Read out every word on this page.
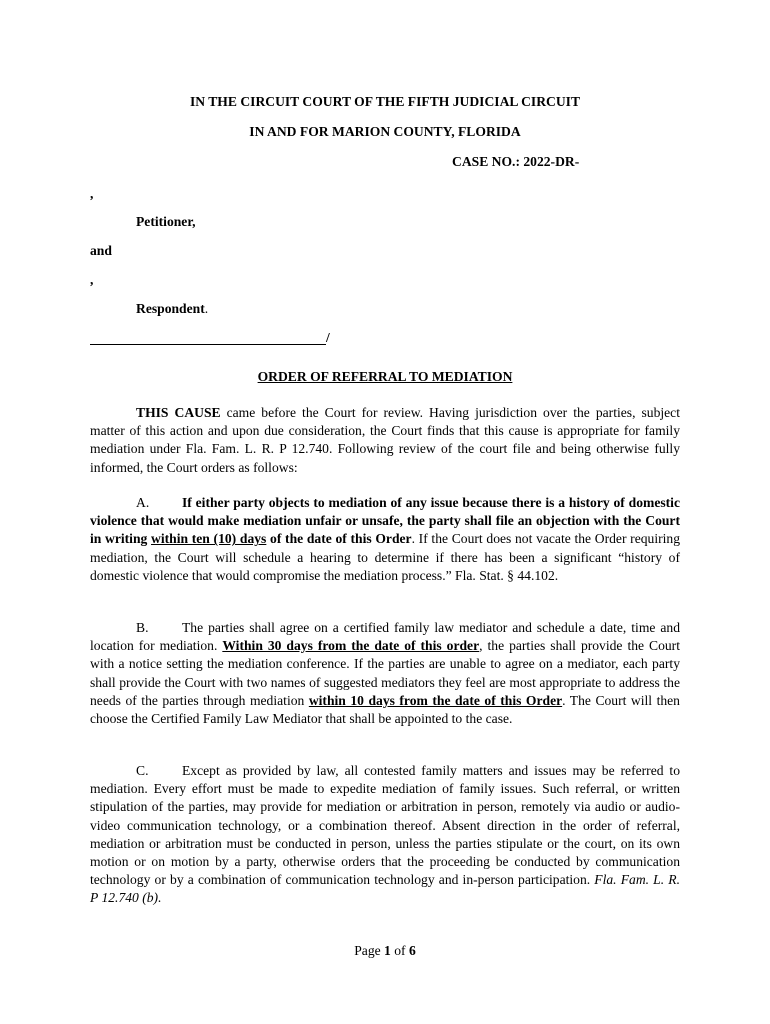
IN THE CIRCUIT COURT OF THE FIFTH JUDICIAL CIRCUIT
IN AND FOR MARION COUNTY, FLORIDA
CASE NO.: 2022-DR-
,
Petitioner,
and
,
Respondent.
/
ORDER OF REFERRAL TO MEDIATION
THIS CAUSE came before the Court for review. Having jurisdiction over the parties, subject matter of this action and upon due consideration, the Court finds that this cause is appropriate for family mediation under Fla. Fam. L. R. P 12.740. Following review of the court file and being otherwise fully informed, the Court orders as follows:
A. If either party objects to mediation of any issue because there is a history of domestic violence that would make mediation unfair or unsafe, the party shall file an objection with the Court in writing within ten (10) days of the date of this Order. If the Court does not vacate the Order requiring mediation, the Court will schedule a hearing to determine if there has been a significant “history of domestic violence that would compromise the mediation process.” Fla. Stat. § 44.102.
B. The parties shall agree on a certified family law mediator and schedule a date, time and location for mediation. Within 30 days from the date of this order, the parties shall provide the Court with a notice setting the mediation conference. If the parties are unable to agree on a mediator, each party shall provide the Court with two names of suggested mediators they feel are most appropriate to address the needs of the parties through mediation within 10 days from the date of this Order. The Court will then choose the Certified Family Law Mediator that shall be appointed to the case.
C. Except as provided by law, all contested family matters and issues may be referred to mediation. Every effort must be made to expedite mediation of family issues. Such referral, or written stipulation of the parties, may provide for mediation or arbitration in person, remotely via audio or audio-video communication technology, or a combination thereof. Absent direction in the order of referral, mediation or arbitration must be conducted in person, unless the parties stipulate or the court, on its own motion or on motion by a party, otherwise orders that the proceeding be conducted by communication technology or by a combination of communication technology and in-person participation. Fla. Fam. L. R. P 12.740 (b).
Page 1 of 6
